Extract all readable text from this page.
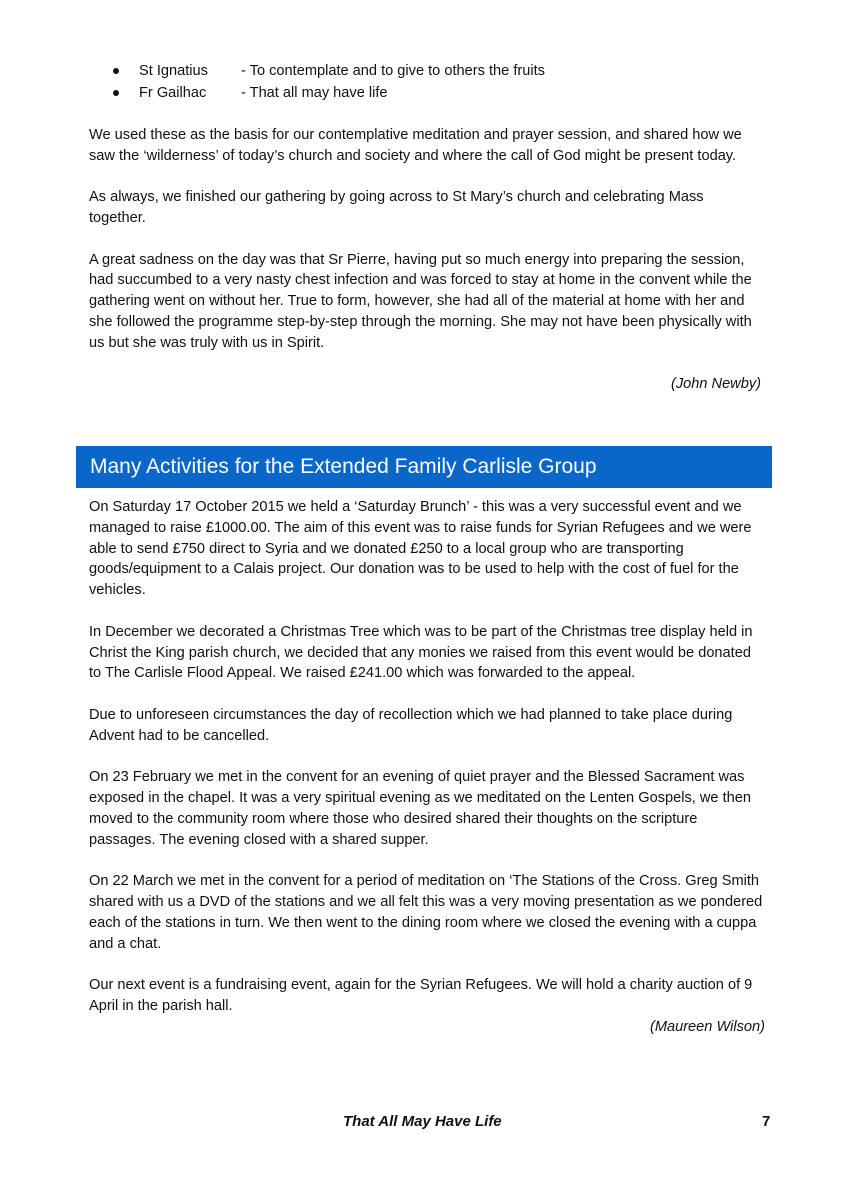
St Ignatius - To contemplate and to give to others the fruits
Fr Gailhac - That all may have life

We used these as the basis for our contemplative meditation and prayer session, and shared how we saw the ‘wilderness’ of today’s church and society and where the call of God might be present today.

As always, we finished our gathering by going across to St Mary’s church and celebrating Mass together.

A great sadness on the day was that Sr Pierre, having put so much energy into preparing the session, had succumbed to a very nasty chest infection and was forced to stay at home in the convent while the gathering went on without her. True to form, however, she had all of the material at home with her and she followed the programme step-by-step through the morning. She may not have been physically with us but she was truly with us in Spirit.

(John Newby)
Many Activities for the Extended Family Carlisle Group

On Saturday 17 October 2015 we held a ‘Saturday Brunch’ - this was a very successful event and we managed to raise £1000.00. The aim of this event was to raise funds for Syrian Refugees and we were able to send £750 direct to Syria and we donated £250 to a local group who are transporting goods/equipment to a Calais project. Our donation was to be used to help with the cost of fuel for the vehicles.

In December we decorated a Christmas Tree which was to be part of the Christmas tree display held in Christ the King parish church, we decided that any monies we raised from this event would be donated to The Carlisle Flood Appeal. We raised £241.00 which was forwarded to the appeal.

Due to unforeseen circumstances the day of recollection which we had planned to take place during Advent had to be cancelled.

On 23 February we met in the convent for an evening of quiet prayer and the Blessed Sacrament was exposed in the chapel. It was a very spiritual evening as we meditated on the Lenten Gospels, we then moved to the community room where those who desired shared their thoughts on the scripture passages. The evening closed with a shared supper.

On 22 March we met in the convent for a period of meditation on ‘The Stations of the Cross. Greg Smith shared with us a DVD of the stations and we all felt this was a very moving presentation as we pondered each of the stations in turn. We then went to the dining room where we closed the evening with a cuppa and a chat.

Our next event is a fundraising event, again for the Syrian Refugees. We will hold a charity auction of 9 April in the parish hall.

(Maureen Wilson)
That All May Have Life	7
